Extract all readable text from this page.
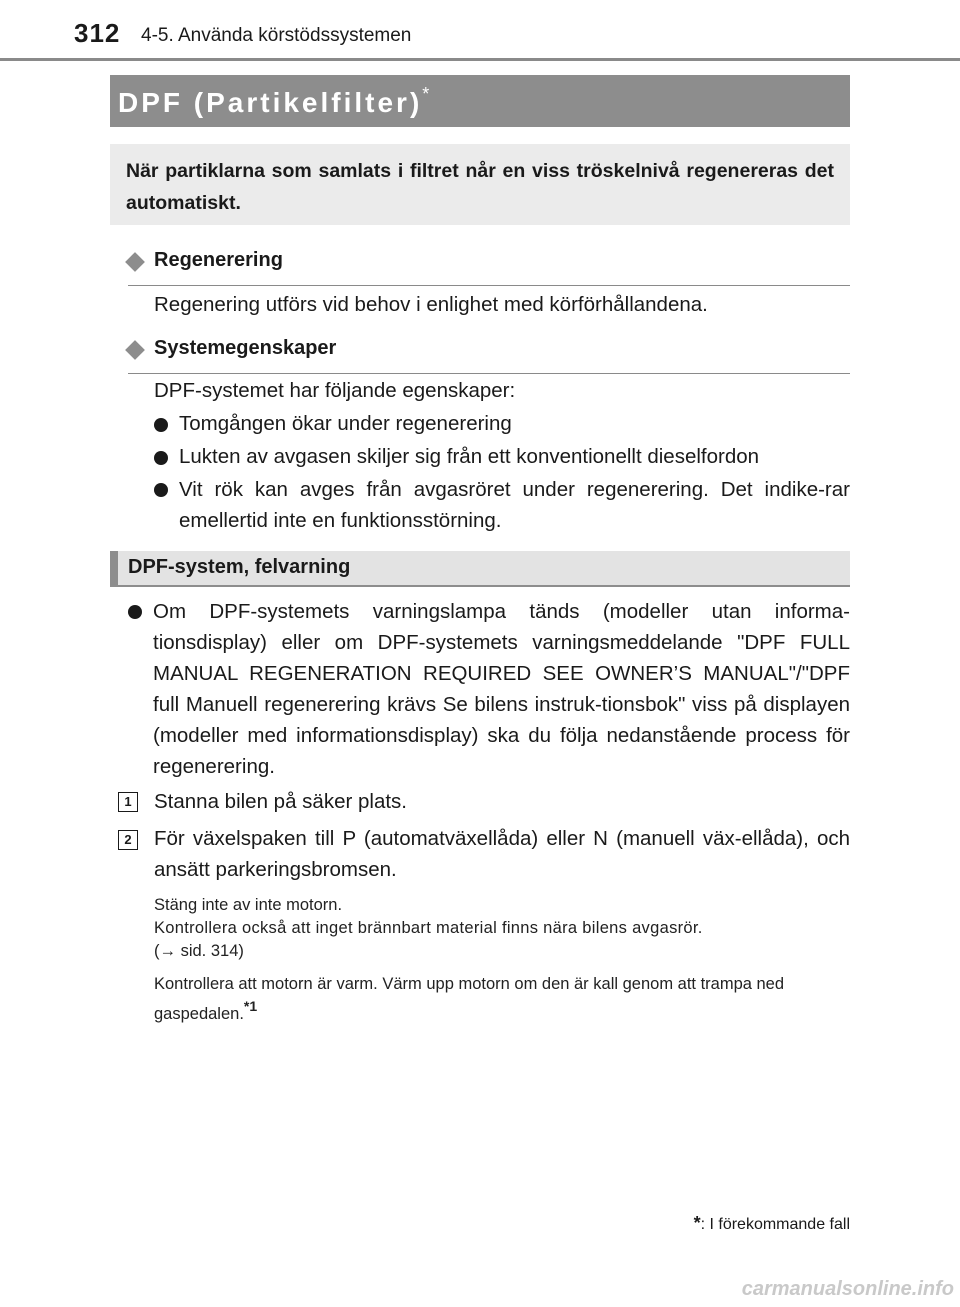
312 4-5. Använda körstödssystemen
DPF (Partikelfilter)*
När partiklarna som samlats i filtret når en viss tröskelnivå regenereras det automatiskt.
Regenerering
Regenering utförs vid behov i enlighet med körförhållandena.
Systemegenskaper
DPF-systemet har följande egenskaper:
Tomgången ökar under regenerering
Lukten av avgasen skiljer sig från ett konventionellt dieselfordon
Vit rök kan avges från avgasröret under regenerering. Det indike-rar emellertid inte en funktionsstörning.
DPF-system, felvarning
Om DPF-systemets varningslampa tänds (modeller utan informa-tionsdisplay) eller om DPF-systemets varningsmeddelande "DPF FULL MANUAL REGENERATION REQUIRED SEE OWNER’S MANUAL"/"DPF full Manuell regenerering krävs Se bilens instruk-tionsbok" viss på displayen (modeller med informationsdisplay) ska du följa nedanstående process för regenerering.
1	Stanna bilen på säker plats.
2	För växelspaken till P (automatväxellåda) eller N (manuell väx-ellåda), och ansätt parkeringsbromsen.
Stäng inte av inte motorn.
Kontrollera också att inget brännbart material finns nära bilens avgasrör.
(→ sid. 314)
Kontrollera att motorn är varm. Värm upp motorn om den är kall genom att trampa ned gaspedalen.$^{*1}$
*: I förekommande fall
carmanualsonline.info
